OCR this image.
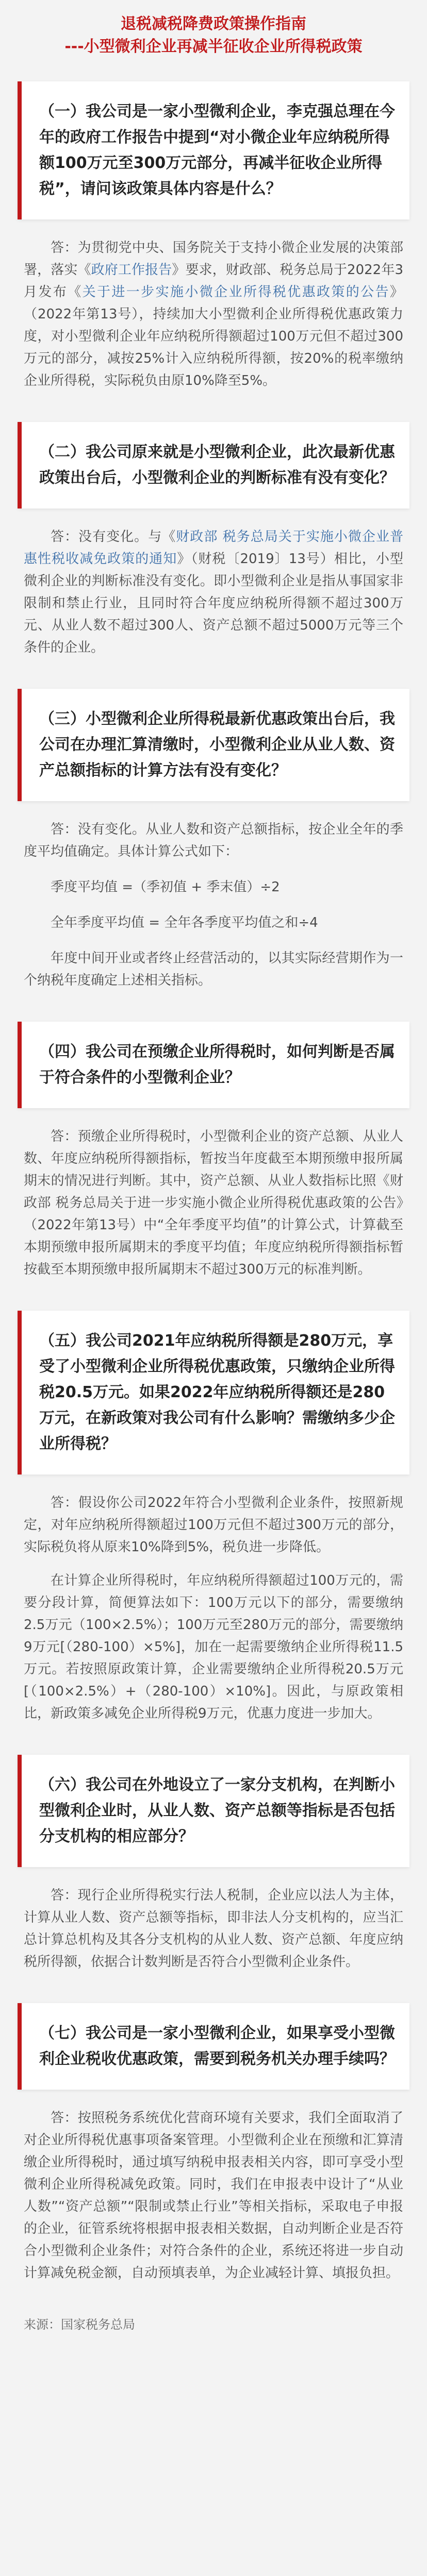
退税减税降费政策操作指南
---小型微利企业再减半征收企业所得税政策
（一）我公司是一家小型微利企业，李克强总理在今年的政府工作报告中提到“对小微企业年应纳税所得额100万元至300万元部分，再减半征收企业所得税”，请问该政策具体内容是什么？

答：为贯彻党中央、国务院关于支持小微企业发展的决策部署，落实《政府工作报告》要求，财政部、税务总局于2022年3月发布《关于进一步实施小微企业所得税优惠政策的公告》（2022年第13号），持续加大小型微利企业所得税优惠政策力度，对小型微利企业年应纳税所得额超过100万元但不超过300万元的部分，减按25%计入应纳税所得额，按20%的税率缴纳企业所得税，实际税负由原10%降至5%。

（二）我公司原来就是小型微利企业，此次最新优惠政策出台后，小型微利企业的判断标准有没有变化？

答：没有变化。与《财政部 税务总局关于实施小微企业普惠性税收减免政策的通知》（财税〔2019〕13号）相比，小型微利企业的判断标准没有变化。即小型微利企业是指从事国家非限制和禁止行业，且同时符合年度应纳税所得额不超过300万元、从业人数不超过300人、资产总额不超过5000万元等三个条件的企业。

（三）小型微利企业所得税最新优惠政策出台后，我公司在办理汇算清缴时，小型微利企业从业人数、资产总额指标的计算方法有没有变化？

答：没有变化。从业人数和资产总额指标，按企业全年的季度平均值确定。具体计算公式如下：

季度平均值 =（季初值 + 季末值）÷2

全年季度平均值 = 全年各季度平均值之和÷4

年度中间开业或者终止经营活动的，以其实际经营期作为一个纳税年度确定上述相关指标。

（四）我公司在预缴企业所得税时，如何判断是否属于符合条件的小型微利企业？

答：预缴企业所得税时，小型微利企业的资产总额、从业人数、年度应纳税所得额指标，暂按当年度截至本期预缴申报所属期末的情况进行判断。其中，资产总额、从业人数指标比照《财政部 税务总局关于进一步实施小微企业所得税优惠政策的公告》（2022年第13号）中“全年季度平均值”的计算公式，计算截至本期预缴申报所属期末的季度平均值；年度应纳税所得额指标暂按截至本期预缴申报所属期末不超过300万元的标准判断。

（五）我公司2021年应纳税所得额是280万元，享受了小型微利企业所得税优惠政策，只缴纳企业所得税20.5万元。如果2022年应纳税所得额还是280万元，在新政策对我公司有什么影响？需缴纳多少企业所得税？

答：假设你公司2022年符合小型微利企业条件，按照新规定，对年应纳税所得额超过100万元但不超过300万元的部分，实际税负将从原来10%降到5%，税负进一步降低。

在计算企业所得税时，年应纳税所得额超过100万元的，需要分段计算，简便算法如下：100万元以下的部分，需要缴纳2.5万元（100×2.5%）；100万元至280万元的部分，需要缴纳9万元[（280-100）×5%]，加在一起需要缴纳企业所得税11.5万元。若按照原政策计算，企业需要缴纳企业所得税20.5万元[（100×2.5%）+（280-100）×10%]。因此，与原政策相比，新政策多减免企业所得税9万元，优惠力度进一步加大。

（六）我公司在外地设立了一家分支机构，在判断小型微利企业时，从业人数、资产总额等指标是否包括分支机构的相应部分？

答：现行企业所得税实行法人税制，企业应以法人为主体，计算从业人数、资产总额等指标，即非法人分支机构的，应当汇总计算总机构及其各分支机构的从业人数、资产总额、年度应纳税所得额，依据合计数判断是否符合小型微利企业条件。

（七）我公司是一家小型微利企业，如果享受小型微利企业税收优惠政策，需要到税务机关办理手续吗？

答：按照税务系统优化营商环境有关要求，我们全面取消了对企业所得税优惠事项备案管理。小型微利企业在预缴和汇算清缴企业所得税时，通过填写纳税申报表相关内容，即可享受小型微利企业所得税减免政策。同时，我们在申报表中设计了“从业人数”“资产总额”“限制或禁止行业”等相关指标，采取电子申报的企业，征管系统将根据申报表相关数据，自动判断企业是否符合小型微利企业条件；对符合条件的企业，系统还将进一步自动计算减免税金额，自动预填表单，为企业减轻计算、填报负担。

来源：国家税务总局
